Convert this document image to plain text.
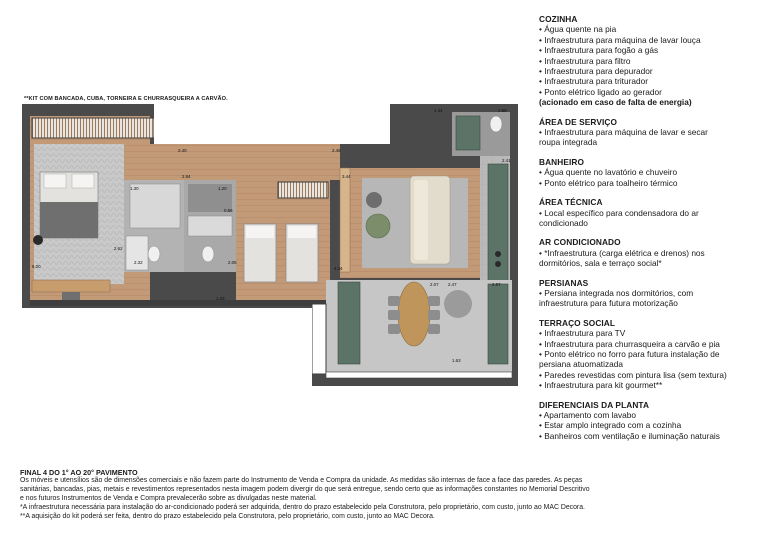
**KIT COM BANCADA, CUBA, TORNEIRA E CHURRASQUEIRA A CARVÃO.
1.44	1.55
2.41
2.40
1.20
2.84
2.46
2.62
1.30
4.34
2.07 2.47	2.57
0.56
2.32	2.05
5.00
1.43
1.63
3.44
COZINHA
• Água quente na pia
• Infraestrutura para máquina de lavar louça
• Infraestrutura para fogão a gás
• Infraestrutura para filtro
• Infraestrutura para depurador
• Infraestrutura para triturador
• Ponto elétrico ligado ao gerador
(acionado em caso de falta de energia)
ÁREA DE SERVIÇO
• Infraestrutura para máquina de lavar e secar
roupa integrada
BANHEIRO
• Água quente no lavatório e chuveiro
• Ponto elétrico para toalheiro térmico
ÁREA TÉCNICA
• Local específico para condensadora do ar
condicionado
AR CONDICIONADO
• *Infraestrutura (carga elétrica e drenos) nos
dormitórios, sala e terraço social*
PERSIANAS
• Persiana integrada nos dormitórios, com
infraestrutura para futura motorização
TERRAÇO SOCIAL
• Infraestrutura para TV
• Infraestrutura para churrasqueira a carvão e pia
• Ponto elétrico no forro para futura instalação de
persiana atuomatizada
• Paredes revestidas com pintura lisa (sem textura)
• Infraestrutura para kit gourmet**
DIFERENCIAIS DA PLANTA
• Apartamento com lavabo
• Estar amplo integrado com a cozinha
• Banheiros com ventilação e iluminação naturais
FINAL 4 DO 1° AO 20° PAVIMENTO
Os móveis e utensílios são de dimensões comerciais e não fazem parte do Instrumento de Venda e Compra da unidade. As medidas são internas de face a face das paredes. As peças
sanitárias, bancadas, pias, metais e revestimentos representados nesta imagem podem divergir do que será entregue, sendo certo que as informações constantes no Memorial Descritivo
e nos futuros Instrumentos de Venda e Compra prevalecerão sobre as divulgadas neste material.
*A infraestrutura necessária para instalação do ar-condicionado poderá ser adquirida, dentro do prazo estabelecido pela Construtora, pelo proprietário, com custo, junto ao MAC Decora.
**A aquisição do kit poderá ser feita, dentro do prazo estabelecido pela Construtora, pelo proprietário, com custo, junto ao MAC Decora.
